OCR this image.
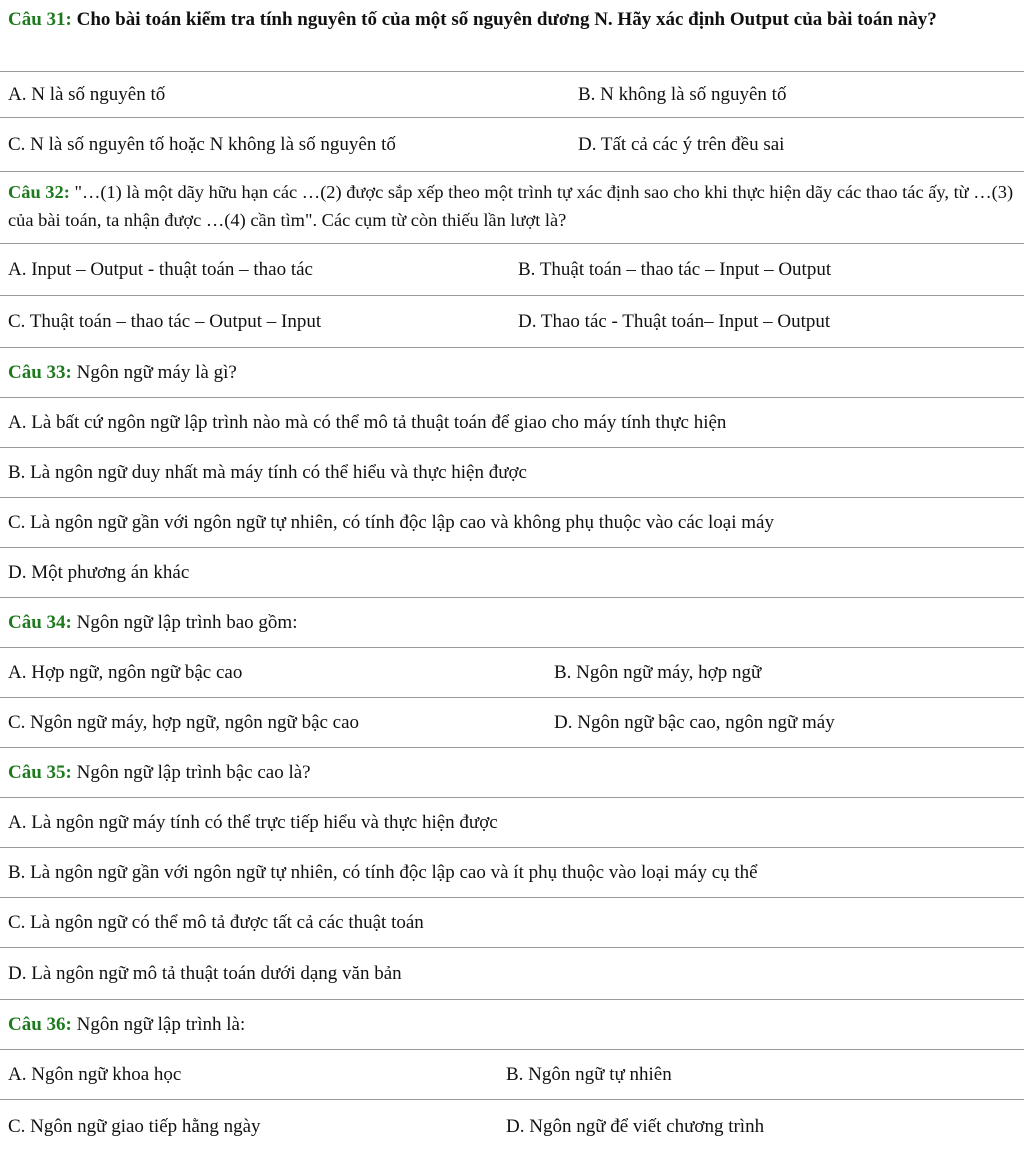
Câu 31: Cho bài toán kiểm tra tính nguyên tố của một số nguyên dương N. Hãy xác định Output của bài toán này?
A. N là số nguyên tố	B. N không là số nguyên tố
C. N là số nguyên tố hoặc N không là số nguyên tố	D. Tất cả các ý trên đều sai
Câu 32: "…(1) là một dãy hữu hạn các …(2) được sắp xếp theo một trình tự xác định sao cho khi thực hiện dãy các thao tác ấy, từ …(3) của bài toán, ta nhận được …(4) cần tìm". Các cụm từ còn thiếu lần lượt là?
A. Input – Output - thuật toán – thao tác	B. Thuật toán – thao tác – Input – Output
C. Thuật toán – thao tác – Output – Input	D. Thao tác - Thuật toán– Input – Output
Câu 33:
Ngôn ngữ máy là gì?
A. Là bất cứ ngôn ngữ lập trình nào mà có thể mô tả thuật toán để giao cho máy tính thực hiện
B. Là ngôn ngữ duy nhất mà máy tính có thể hiểu và thực hiện được
C. Là ngôn ngữ gần với ngôn ngữ tự nhiên, có tính độc lập cao và không phụ thuộc vào các loại máy
D. Một phương án khác
Câu 34:
Ngôn ngữ lập trình bao gồm:
A. Hợp ngữ, ngôn ngữ bậc cao	B. Ngôn ngữ máy, hợp ngữ
C. Ngôn ngữ máy, hợp ngữ, ngôn ngữ bậc cao	D. Ngôn ngữ bậc cao, ngôn ngữ máy
Câu 35:
Ngôn ngữ lập trình bậc cao là?
A. Là ngôn ngữ máy tính có thể trực tiếp hiểu và thực hiện được
B. Là ngôn ngữ gần với ngôn ngữ tự nhiên, có tính độc lập cao và ít phụ thuộc vào loại máy cụ thể
C. Là ngôn ngữ có thể mô tả được tất cả các thuật toán
D. Là ngôn ngữ mô tả thuật toán dưới dạng văn bản
Câu 36:
Ngôn ngữ lập trình là:
A. Ngôn ngữ khoa học	B. Ngôn ngữ tự nhiên
C. Ngôn ngữ giao tiếp hằng ngày	D. Ngôn ngữ để viết chương trình
